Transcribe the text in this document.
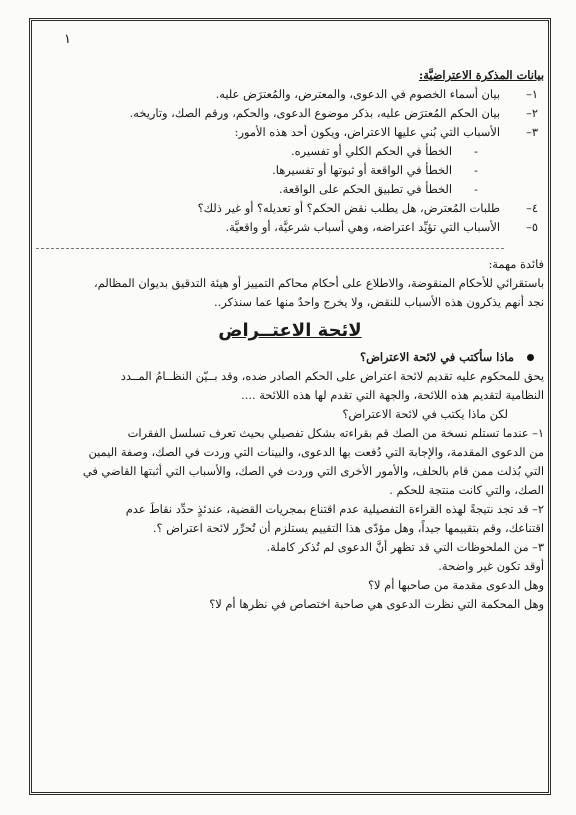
١
بيانات المذكرة الاعتراضيَّة:
١–
بيان أسماء الخصوم في الدعوى، والمعترض، والمُعترَض عليه.
٢–
بيان الحكم المُعترَض عليه، بذكر موضوع الدعوى، والحكم، ورقم الصك، وتاريخه.
٣–
الأسباب التي بُني عليها الاعتراض، ويكون أحد هذه الأمور:
-
الخطأ في الحكم الكلي أو تفسيره.
-
الخطأ في الواقعة أو ثبوتها أو تفسيرها.
-
الخطأ في تطبيق الحكم على الواقعة.
٤–
طلبات المُعترض، هل يطلب نقض الحكم؟ أو تعديله؟ أو غير ذلك؟
٥–
الأسباب التي تؤيِّد اعتراضه، وهي أسباب شرعيَّة، أو واقعيَّة.
فائدة مهمة:
باستقرائي للأحكام المنقوضة، والاطلاع على أحكام محاكم التمييز أو هيئة التدقيق بديوان المظالم،
نجد أنهم يذكرون هذه الأسباب للنقض، ولا يخرج واحدٌ منها عما سنذكر..
لائحة الاعتــراض
ماذا سأكتب في لائحة الاعتراض؟
يحق للمحكوم عليه تقديم لائحة اعتراض على الحكم الصادر ضده، وقد بــيّن النظــامُ المــدد
النظامية لتقديم هذه اللائحة، والجهة التي تقدم لها هذه اللائحة ....
لكن ماذا يكتب في لائحة الاعتراض؟
١– عندما تستلم نسخة من الصك قم بقراءته بشكل تفصيلي بحيث تعرف تسلسل الفقرات
من الدعوى المقدمة، والإجابة التي دُفعت بها الدعوى، والبينات التي وردت في الصك، وصفة اليمين
التي بُذلت ممن قام بالحلف، والأمور الأخرى التي وردت في الصك، والأسباب التي أثبتها القاضي في
الصك، والتي كانت منتجة للحكم .
٢– قد تجد نتيجةً لهذه القراءة التفصيلية عدم اقتناع بمجريات القضية، عندئذٍ حدِّد نقاطَ عدم
اقتناعك، وقم بتقييمها جيداً، وهل مؤدّى هذا التقييم يستلزم أن تُحرِّر لائحة اعتراض ؟.
٣– من الملحوظات التي قد تظهر أنَّ الدعوى لم تُذكر كاملة.
أوقد تكون غير واضحة.
وهل الدعوى مقدمة من صاحبها أم لا؟
وهل المحكمة التي نظرت الدعوى هي صاحبة اختصاص في نظرها أم لا؟
